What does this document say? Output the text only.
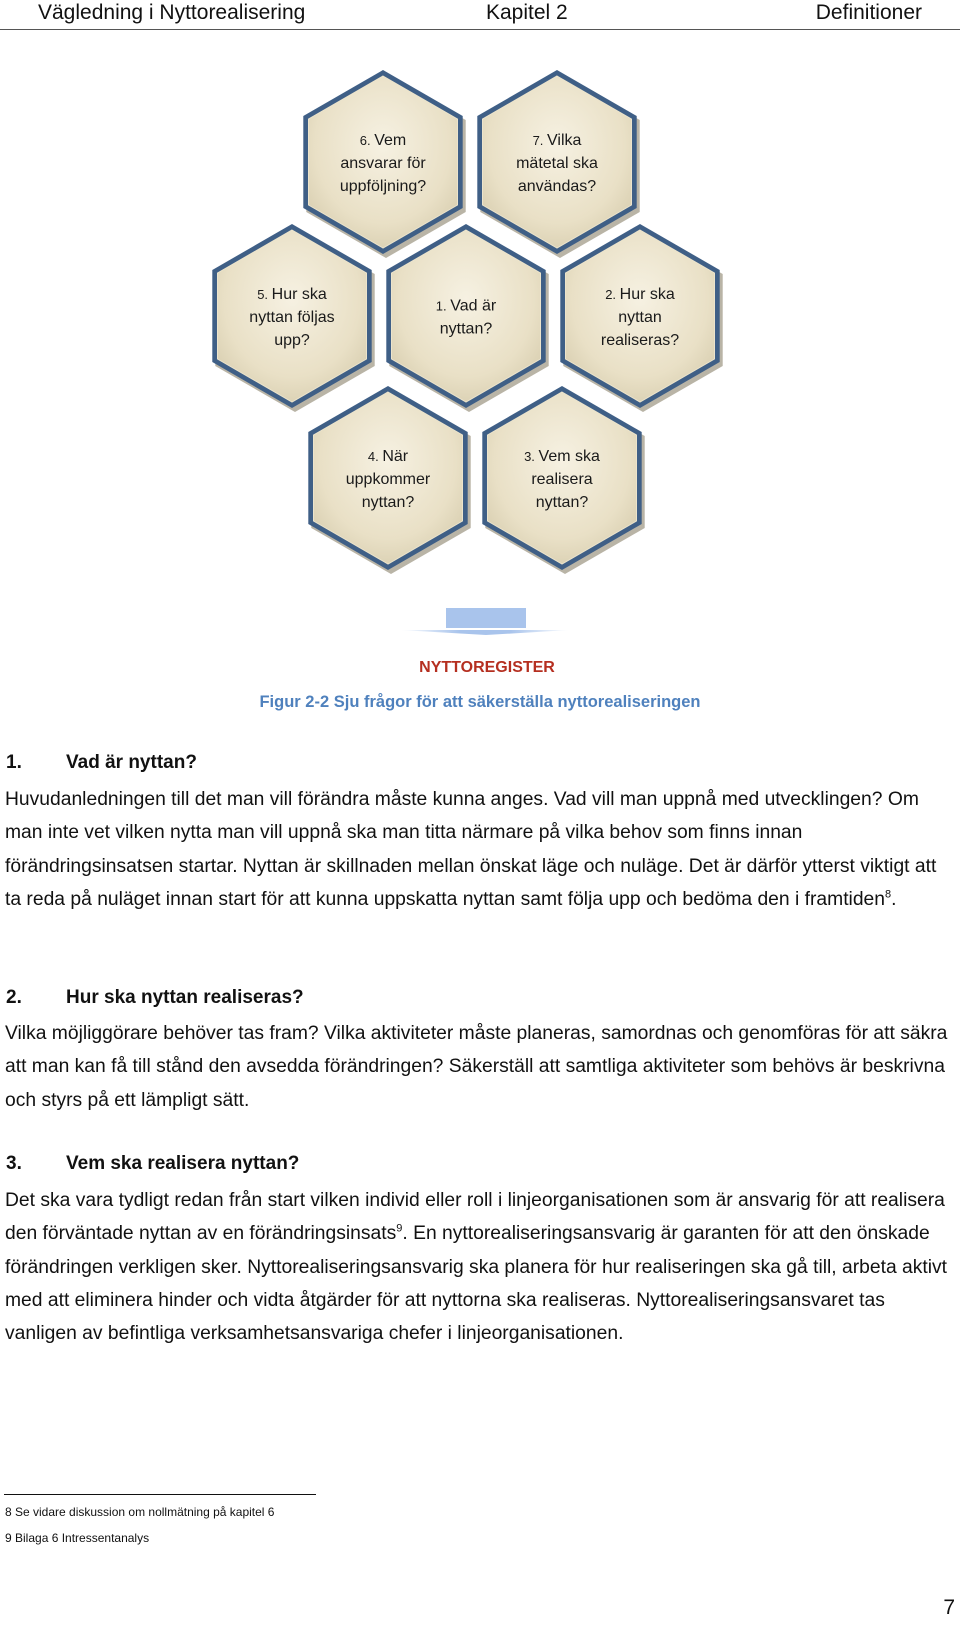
Vägledning i Nyttorealisering	Kapitel 2	Definitioner
6. Vem
ansvarar för
uppföljning?
7. Vilka
mätetal ska
användas?
5. Hur ska
nyttan följas
upp?
1. Vad är
nyttan?
2. Hur ska
nyttan
realiseras?
4. När
uppkommer
nyttan?
3. Vem ska
realisera
nyttan?
NYTTOREGISTER
Figur 2-2 Sju frågor för att säkerställa nyttorealiseringen
1. Vad är nyttan?
Huvudanledningen till det man vill förändra måste kunna anges. Vad vill man uppnå med utvecklingen? Om man inte vet vilken nytta man vill uppnå ska man titta närmare på vilka behov som finns innan förändringsinsatsen startar. Nyttan är skillnaden mellan önskat läge och nuläge. Det är därför ytterst viktigt att ta reda på nuläget innan start för att kunna uppskatta nyttan samt följa upp och bedöma den i framtiden$^8$.
2. Hur ska nyttan realiseras?
Vilka möjliggörare behöver tas fram? Vilka aktiviteter måste planeras, samordnas och genomföras för att säkra att man kan få till stånd den avsedda förändringen? Säkerställ att samtliga aktiviteter som behövs är beskrivna och styrs på ett lämpligt sätt.
3. Vem ska realisera nyttan?
Det ska vara tydligt redan från start vilken individ eller roll i linjeorganisationen som är ansvarig för att realisera den förväntade nyttan av en förändringsinsats$^9$. En nyttorealiseringsansvarig är garanten för att den önskade förändringen verkligen sker. Nyttorealiseringsansvarig ska planera för hur realiseringen ska gå till, arbeta aktivt med att eliminera hinder och vidta åtgärder för att nyttorna ska realiseras. Nyttorealiseringsansvaret tas vanligen av befintliga verksamhetsansvariga chefer i linjeorganisationen.
8 Se vidare diskussion om nollmätning på kapitel 6
9 Bilaga 6 Intressentanalys
7
